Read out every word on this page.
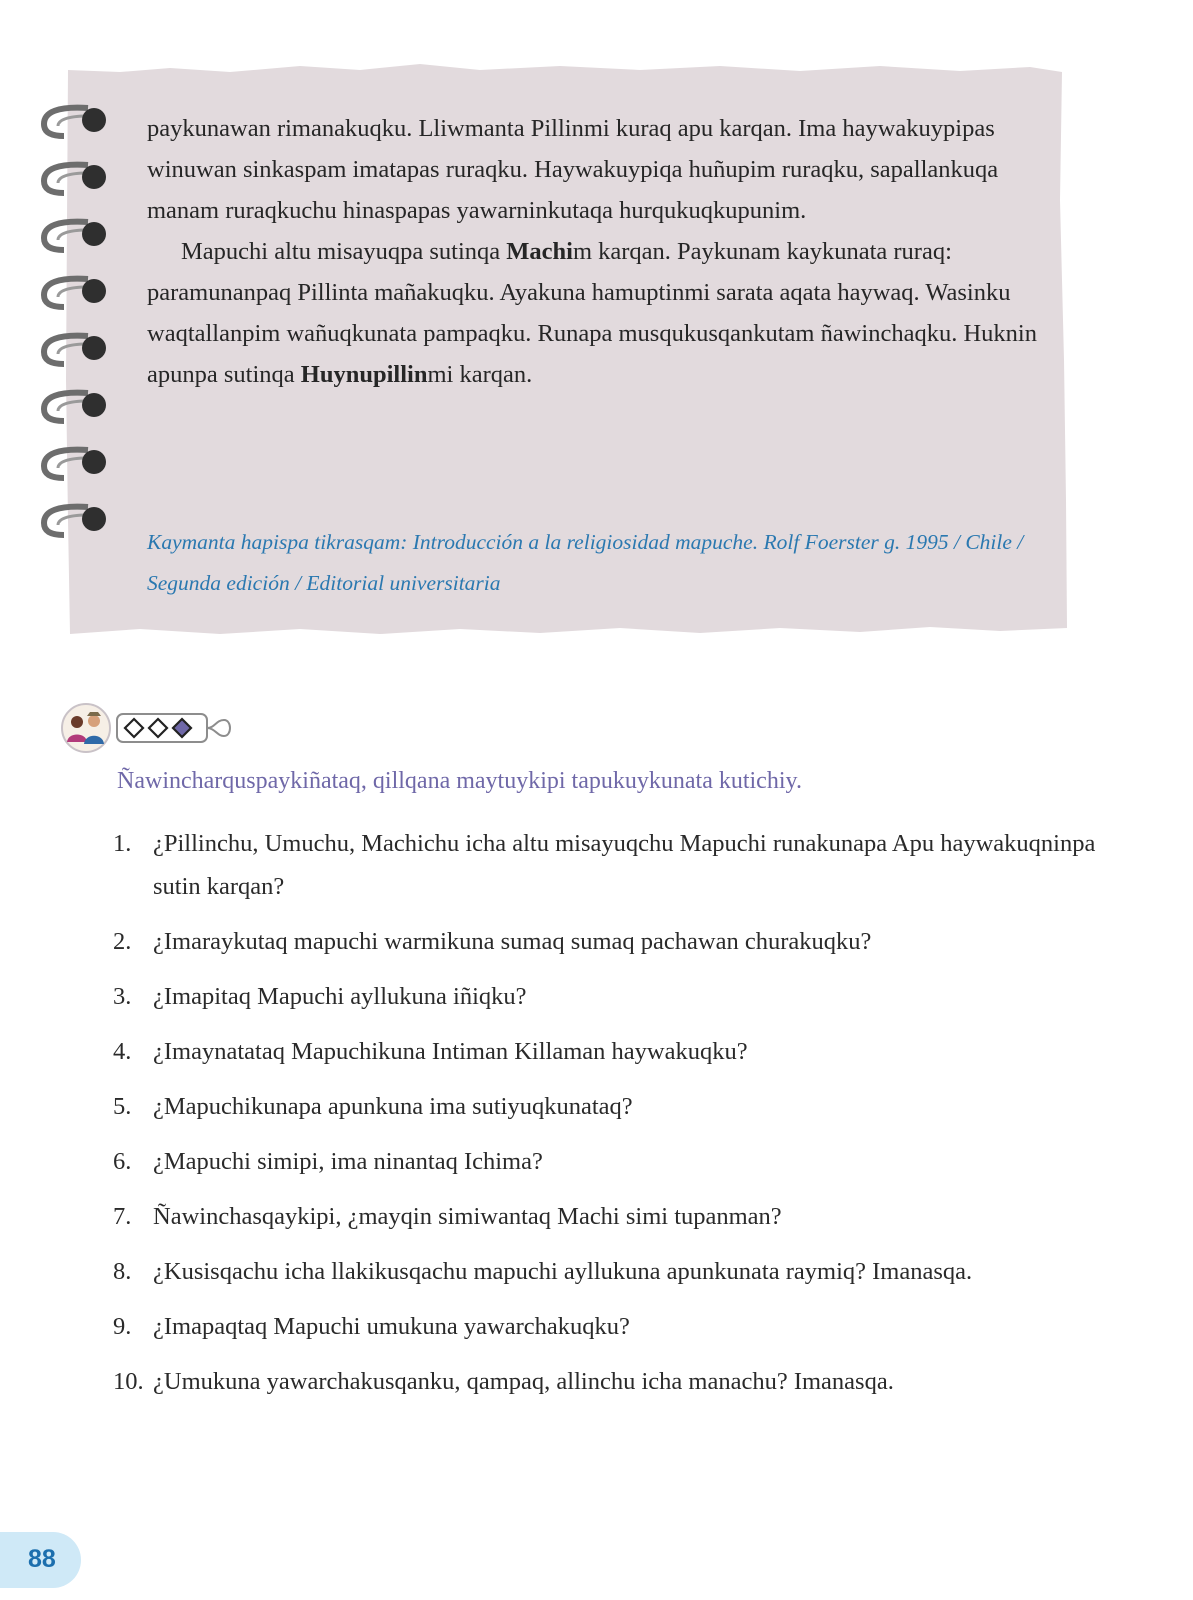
paykunawan rimanakuqku. Lliwmanta Pillinmi kuraq apu karqan. Ima haywakuypipas winuwan sinkaspam imatapas ruraqku. Haywakuypiqa huñupim ruraqku, sapallankuqa manam ruraqkuchu hinaspapas yawarninkutaqa hurqukuqkupunim.

Mapuchi altu misayuqpa sutinqa Machim karqan. Paykunam kaykunata ruraq: paramunanpaq Pillinta mañakuqku. Ayakuna hamuptinmi sarata aqata haywaq. Wasinku waqtallanpim wañuqkunata pampaqku. Runapa musqukusqankutam ñawinchaqku. Huknin apunpa sutinqa Huynupillinmi karqan.

Kaymanta hapispa tikrasqam: Introducción a la religiosidad mapuche. Rolf Foerster g. 1995 / Chile / Segunda edición / Editorial universitaria
Ñawincharquspaykiñataq, qillqana maytuykipi tapukuykunata kutichiy.
1. ¿Pillinchu, Umuchu, Machichu icha altu misayuqchu Mapuchi runakunapa Apu haywakuqninpa sutin karqan?
2. ¿Imaraykutaq mapuchi warmikuna sumaq sumaq pachawan churakuqku?
3. ¿Imapitaq Mapuchi ayllukuna iñiqku?
4. ¿Imaynatataq Mapuchikuna Intiman Killaman haywakuqku?
5. ¿Mapuchikunapa apunkuna ima sutiyuqkunataq?
6. ¿Mapuchi simipi, ima ninantaq Ichima?
7. Ñawinchasqaykipi, ¿mayqin simiwantaq Machi simi tupanman?
8. ¿Kusisqachu icha llakikusqachu mapuchi ayllukuna apunkunata raymiq? Imanasqa.
9. ¿Imapaqtaq Mapuchi umukuna yawarchakuqku?
10. ¿Umukuna yawarchakusqanku, qampaq, allinchu icha manachu? Imanasqa.
88
